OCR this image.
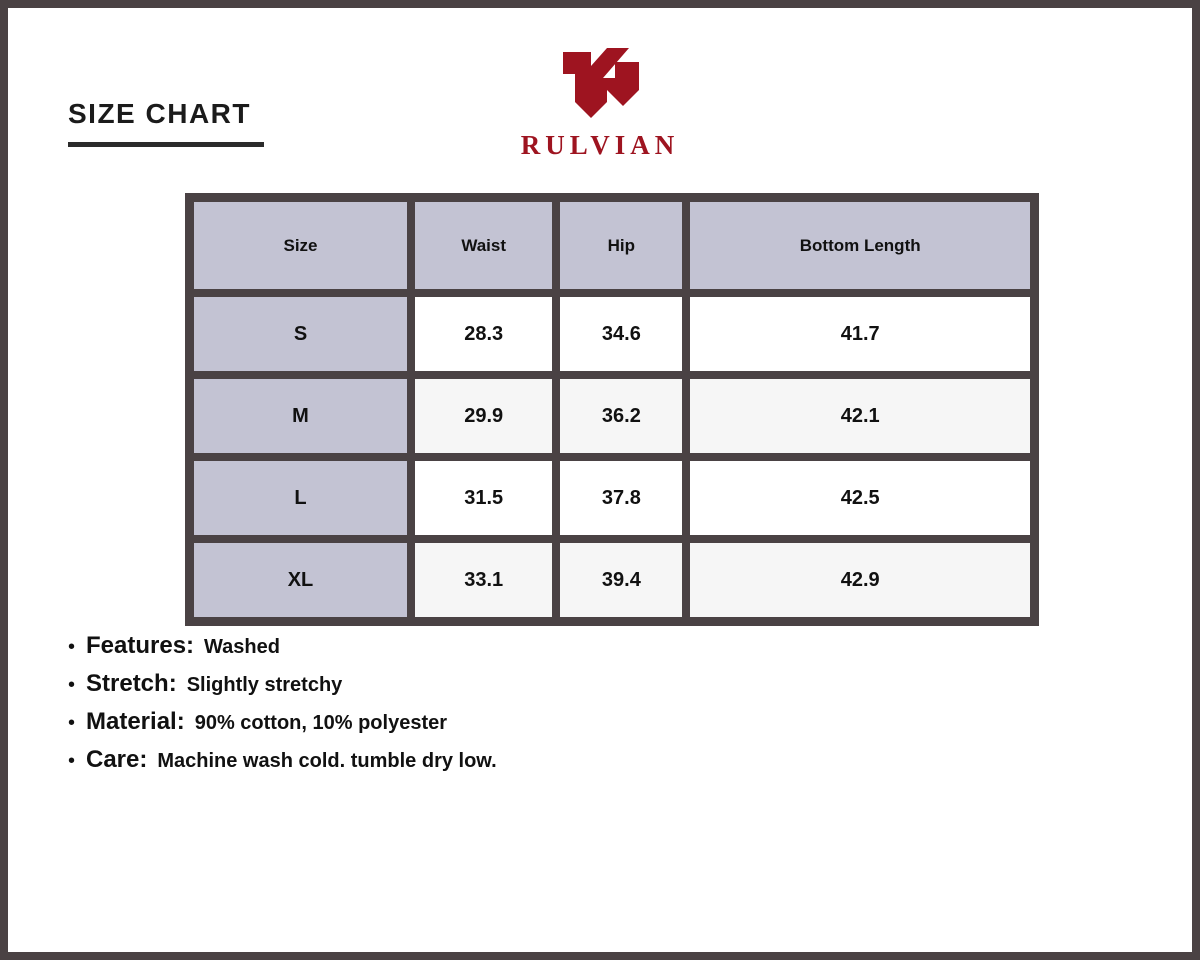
SIZE CHART
RULVIAN
Size	Waist	Hip	Bottom Length
S	28.3	34.6	41.7
M	29.9	36.2	42.1
L	31.5	37.8	42.5
XL	33.1	39.4	42.9
• Features: Washed
• Stretch: Slightly stretchy
• Material: 90% cotton, 10% polyester
• Care: Machine wash cold. tumble dry low.
